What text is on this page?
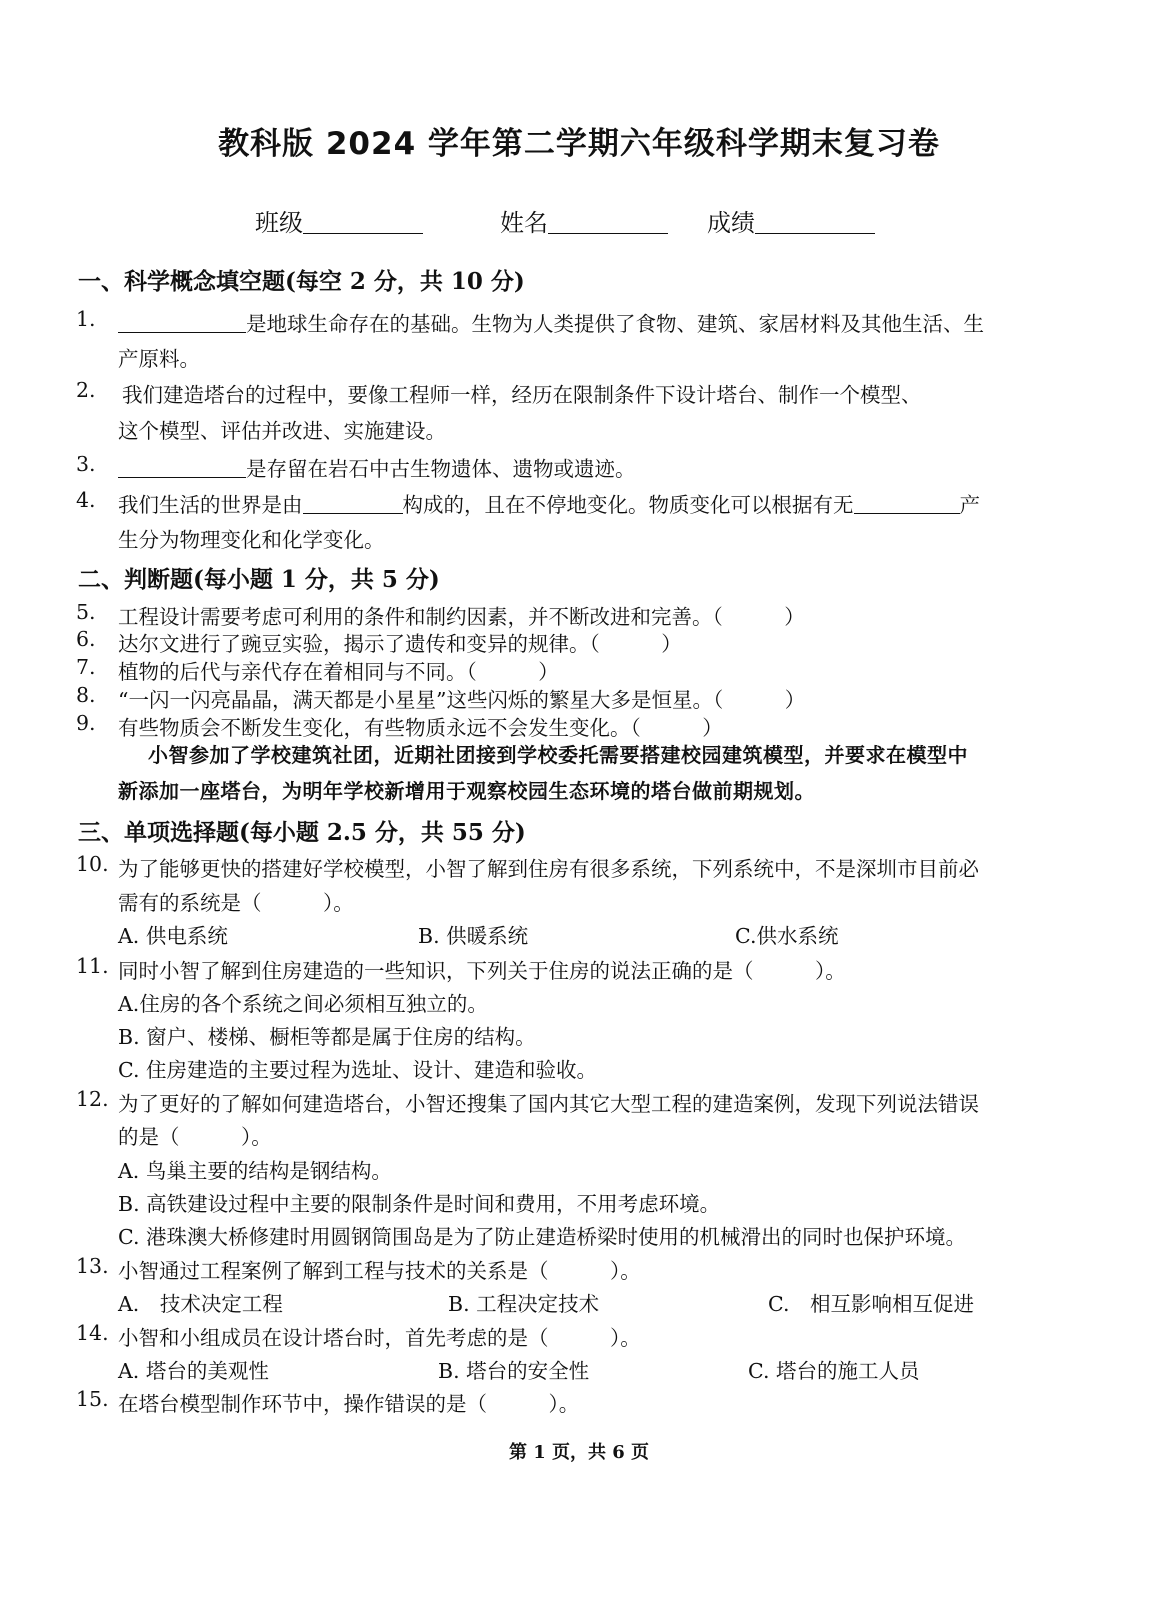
教科版 2024 学年第二学期六年级科学期末复习卷
班级	姓名	成绩
一、科学概念填空题(每空 2 分，共 10 分)
1.	是地球生命存在的基础。生物为人类提供了食物、建筑、家居材料及其他生活、生
产原料。
2. 我们建造塔台的过程中，要像工程师一样，经历在限制条件下设计塔台、制作一个模型、
这个模型、评估并改进、实施建设。
3.	是存留在岩石中古生物遗体、遗物或遗迹。
4. 我们生活的世界是由	构成的，且在不停地变化。物质变化可以根据有无	产
生分为物理变化和化学变化。
二、判断题(每小题 1 分，共 5 分)
5. 工程设计需要考虑可利用的条件和制约因素，并不断改进和完善。（　　　）
6. 达尔文进行了豌豆实验，揭示了遗传和变异的规律。（　　　）
7. 植物的后代与亲代存在着相同与不同。（　　　）
8. “一闪一闪亮晶晶，满天都是小星星”这些闪烁的繁星大多是恒星。（　　　）
9. 有些物质会不断发生变化，有些物质永远不会发生变化。（　　　）
小智参加了学校建筑社团，近期社团接到学校委托需要搭建校园建筑模型，并要求在模型中
新添加一座塔台，为明年学校新增用于观察校园生态环境的塔台做前期规划。
三、单项选择题(每小题 2.5 分，共 55 分)
10. 为了能够更快的搭建好学校模型，小智了解到住房有很多系统，下列系统中，不是深圳市目前必
需有的系统是（　　　）。
A. 供电系统	B. 供暖系统	C.供水系统
11. 同时小智了解到住房建造的一些知识，下列关于住房的说法正确的是（　　　）。
A.住房的各个系统之间必须相互独立的。
B. 窗户、楼梯、橱柜等都是属于住房的结构。
C. 住房建造的主要过程为选址、设计、建造和验收。
12. 为了更好的了解如何建造塔台，小智还搜集了国内其它大型工程的建造案例，发现下列说法错误
的是（　　　）。
A. 鸟巢主要的结构是钢结构。
B. 高铁建设过程中主要的限制条件是时间和费用，不用考虑环境。
C. 港珠澳大桥修建时用圆钢筒围岛是为了防止建造桥梁时使用的机械滑出的同时也保护环境。
13. 小智通过工程案例了解到工程与技术的关系是（　　　）。
A.　技术决定工程	B. 工程决定技术	C.　相互影响相互促进
14. 小智和小组成员在设计塔台时，首先考虑的是（　　　）。
A. 塔台的美观性	B. 塔台的安全性	C. 塔台的施工人员
15. 在塔台模型制作环节中，操作错误的是（　　　）。
第 1 页，共 6 页
